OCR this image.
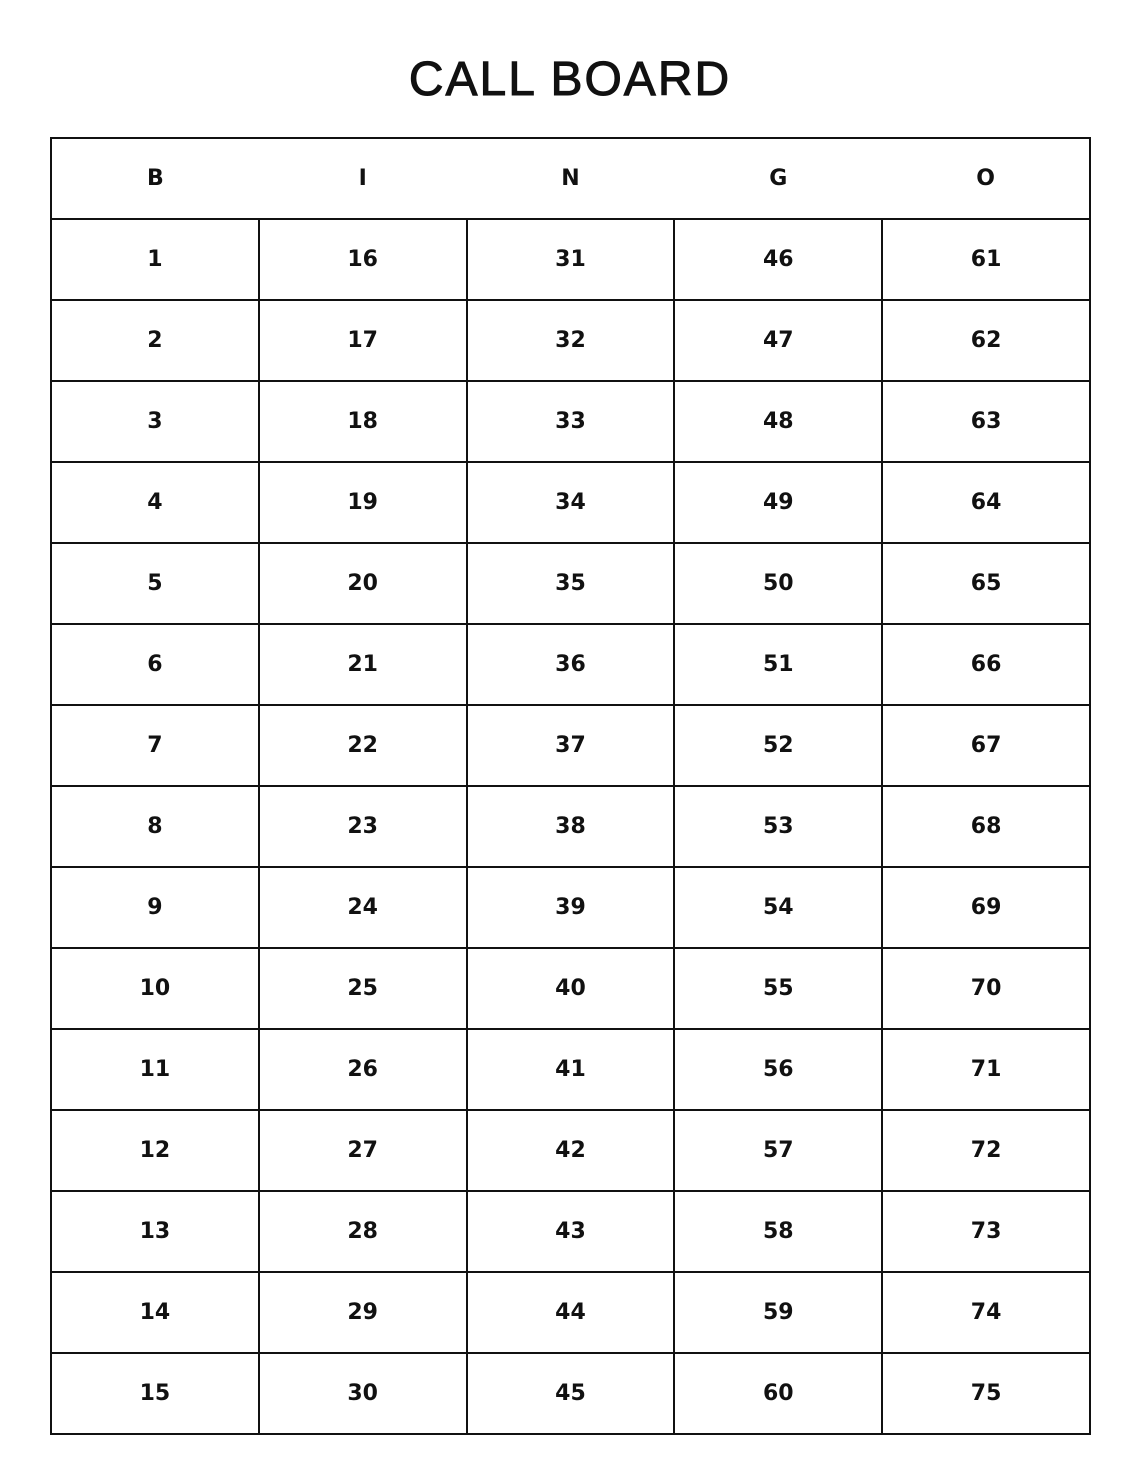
CALL BOARD
B	I	N	G	O
1	16	31	46	61
2	17	32	47	62
3	18	33	48	63
4	19	34	49	64
5	20	35	50	65
6	21	36	51	66
7	22	37	52	67
8	23	38	53	68
9	24	39	54	69
10	25	40	55	70
11	26	41	56	71
12	27	42	57	72
13	28	43	58	73
14	29	44	59	74
15	30	45	60	75
